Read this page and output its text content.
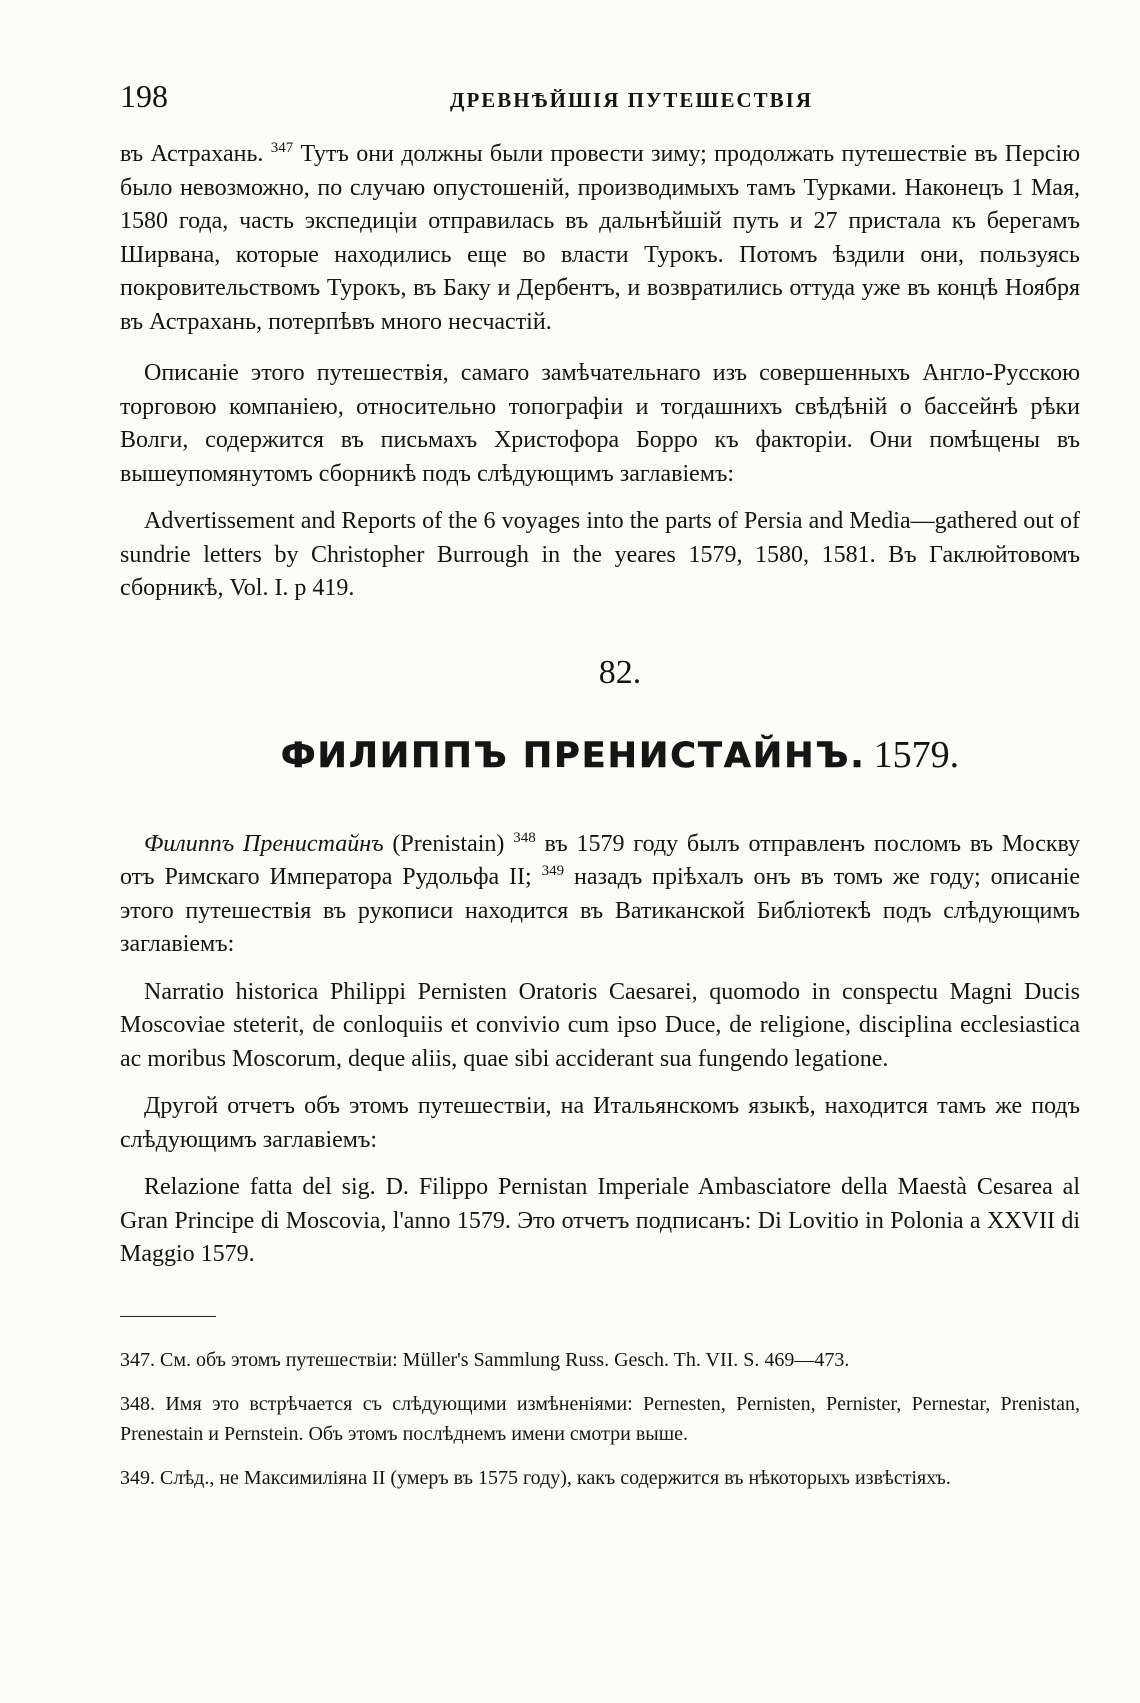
198	ДРЕВНѢЙШІЯ ПУТЕШЕСТВІЯ

въ Астрахань. $^{347}$ Тутъ они должны были провести зиму; продолжать путешествіе въ Персію было невозможно, по случаю опустошеній, производимыхъ тамъ Турками. Наконецъ 1 Мая, 1580 года, часть экспедиціи отправилась въ дальнѣйшій путь и 27 пристала къ берегамъ Ширвана, которые находились еще во власти Турокъ. Потомъ ѣздили они, пользуясь покровительствомъ Турокъ, въ Баку и Дербентъ, и возвратились оттуда уже въ концѣ Ноября въ Астрахань, потерпѣвъ много несчастій.

Описаніе этого путешествія, самаго замѣчательнаго изъ совершенныхъ Англо-Русскою торговою компаніею, относительно топографіи и тогдашнихъ свѣдѣній о бассейнѣ рѣки Волги, содержится въ письмахъ Христофора Борро къ факторіи. Они помѣщены въ вышеупомянутомъ сборникѣ подъ слѣдующимъ заглавіемъ:

Advertissement and Reports of the 6 voyages into the parts of Persia and Media—gathered out of sundrie letters by Christopher Burrough in the yeares 1579, 1580, 1581. Въ Гаклюйтовомъ сборникѣ, Vol. I. p 419.

82.
ФИЛИППЪ ПРЕНИСТАЙНЪ. 1579.

Филиппъ Пренистайнъ (Prenistain) $^{348}$ въ 1579 году былъ отправленъ посломъ въ Москву отъ Римскаго Императора Рудольфа II; $^{349}$ назадъ пріѣхалъ онъ въ томъ же году; описаніе этого путешествія въ рукописи находится въ Ватиканской Библіотекѣ подъ слѣдующимъ заглавіемъ:

Narratio historica Philippi Pernisten Oratoris Caesarei, quomodo in conspectu Magni Ducis Moscoviae steterit, de conloquiis et convivio cum ipso Duce, de religione, disciplina ecclesiastica ac moribus Moscorum, deque aliis, quae sibi acciderant sua fungendo legatione.

Другой отчетъ объ этомъ путешествіи, на Итальянскомъ языкѣ, находится тамъ же подъ слѣдующимъ заглавіемъ:

Relazione fatta del sig. D. Filippo Pernistan Imperiale Ambasciatore della Maestà Cesarea al Gran Principe di Moscovia, l'anno 1579. Это отчетъ подписанъ: Di Lovitio in Polonia a XXVII di Maggio 1579.

347. См. объ этомъ путешествіи: Müller's Sammlung Russ. Gesch. Th. VII. S. 469—473.

348. Имя это встрѣчается съ слѣдующими измѣненіями: Pernesten, Pernisten, Pernister, Pernestar, Prenistan, Prenestain и Pernstein. Объ этомъ послѣднемъ имени смотри выше.

349. Слѣд., не Максимиліяна II (умеръ въ 1575 году), какъ содержится въ нѣкоторыхъ извѣстіяхъ.
